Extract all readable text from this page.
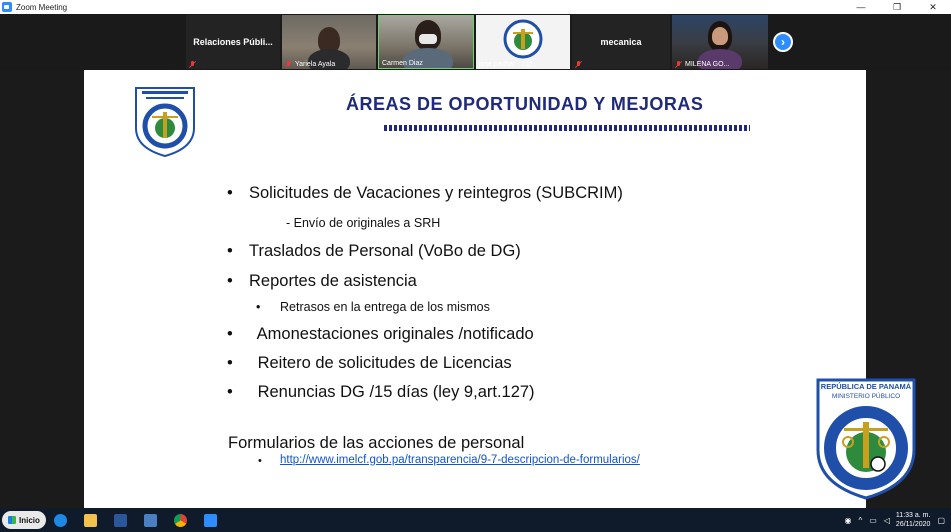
Zoom Meeting	—	❐	✕
Relaciones Públi...
Yariela Ayala	Carmen Diaz	jose.pachar - 2@...
mecanica
MILENA GO...
›
ÁREAS DE OPORTUNIDAD Y MEJORAS
• Solicitudes de Vacaciones y reintegros (SUBCRIM)
- Envío de originales a SRH
• Traslados de Personal (VoBo de DG)
• Reportes de asistencia
• Retrasos en la entrega de los mismos
• Amonestaciones originales /notificado
• Reitero de solicitudes de Licencias
• Renuncias DG /15 días (ley 9,art.127)
Formularios de las acciones de personal
• http://www.imelcf.gob.pa/transparencia/9-7-descripcion-de-formularios/
REPÚBLICA DE PANAMÁ
MINISTERIO PÚBLICO
Inicio	◉ ^ ▭ ◁ 11:33 a. m.
26/11/2020 ▢
